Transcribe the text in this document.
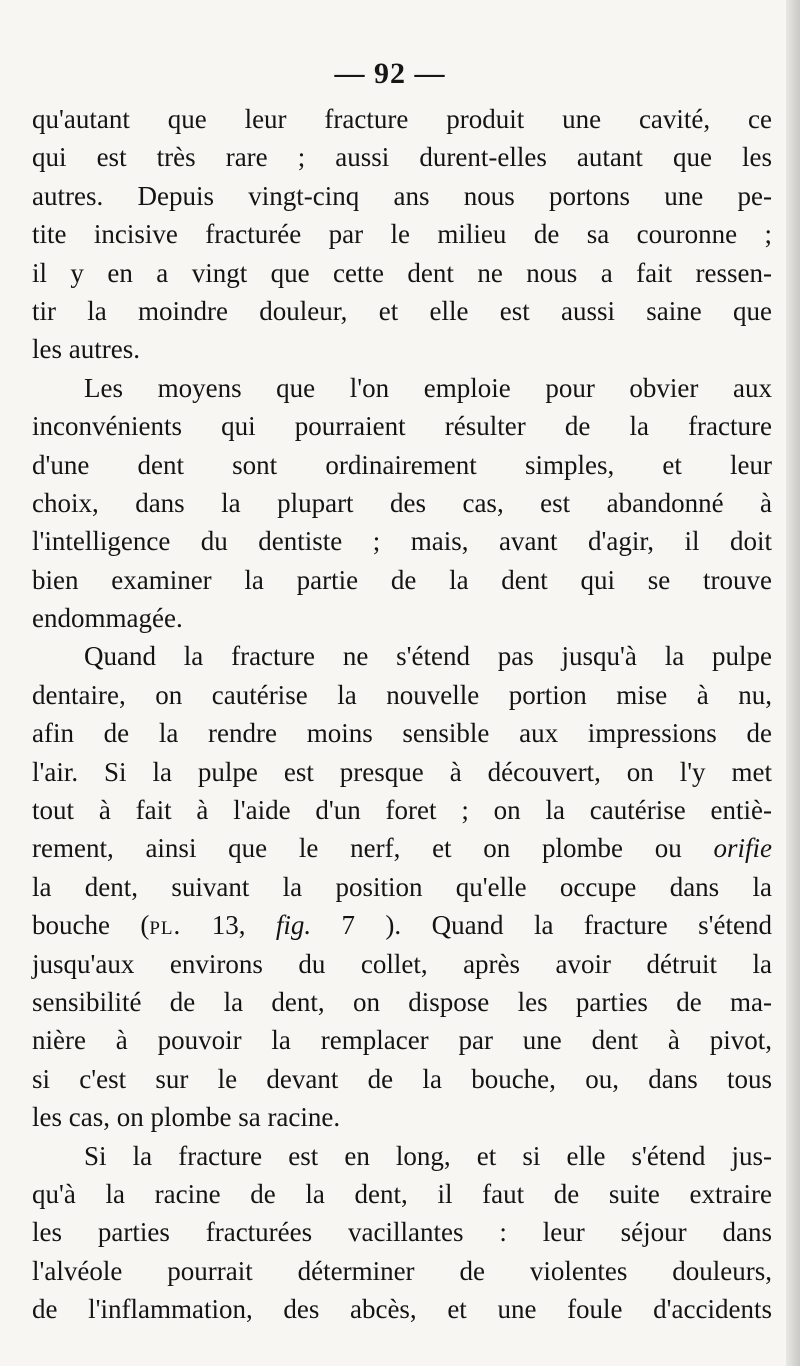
— 92 —
qu'autant que leur fracture produit une cavité, ce
qui est très rare ; aussi durent-elles autant que les
autres. Depuis vingt-cinq ans nous portons une pe-
tite incisive fracturée par le milieu de sa couronne ;
il y en a vingt que cette dent ne nous a fait ressen-
tir la moindre douleur, et elle est aussi saine que
les autres.
Les moyens que l'on emploie pour obvier aux
inconvénients qui pourraient résulter de la fracture
d'une dent sont ordinairement simples, et leur
choix, dans la plupart des cas, est abandonné à
l'intelligence du dentiste ; mais, avant d'agir, il doit
bien examiner la partie de la dent qui se trouve
endommagée.
Quand la fracture ne s'étend pas jusqu'à la pulpe
dentaire, on cautérise la nouvelle portion mise à nu,
afin de la rendre moins sensible aux impressions de
l'air. Si la pulpe est presque à découvert, on l'y met
tout à fait à l'aide d'un foret ; on la cautérise entiè-
rement, ainsi que le nerf, et on plombe ou orifie
la dent, suivant la position qu'elle occupe dans la
bouche (pl. 13, fig. 7 ). Quand la fracture s'étend
jusqu'aux environs du collet, après avoir détruit la
sensibilité de la dent, on dispose les parties de ma-
nière à pouvoir la remplacer par une dent à pivot,
si c'est sur le devant de la bouche, ou, dans tous
les cas, on plombe sa racine.
Si la fracture est en long, et si elle s'étend jus-
qu'à la racine de la dent, il faut de suite extraire
les parties fracturées vacillantes : leur séjour dans
l'alvéole pourrait déterminer de violentes douleurs,
de l'inflammation, des abcès, et une foule d'accidents
